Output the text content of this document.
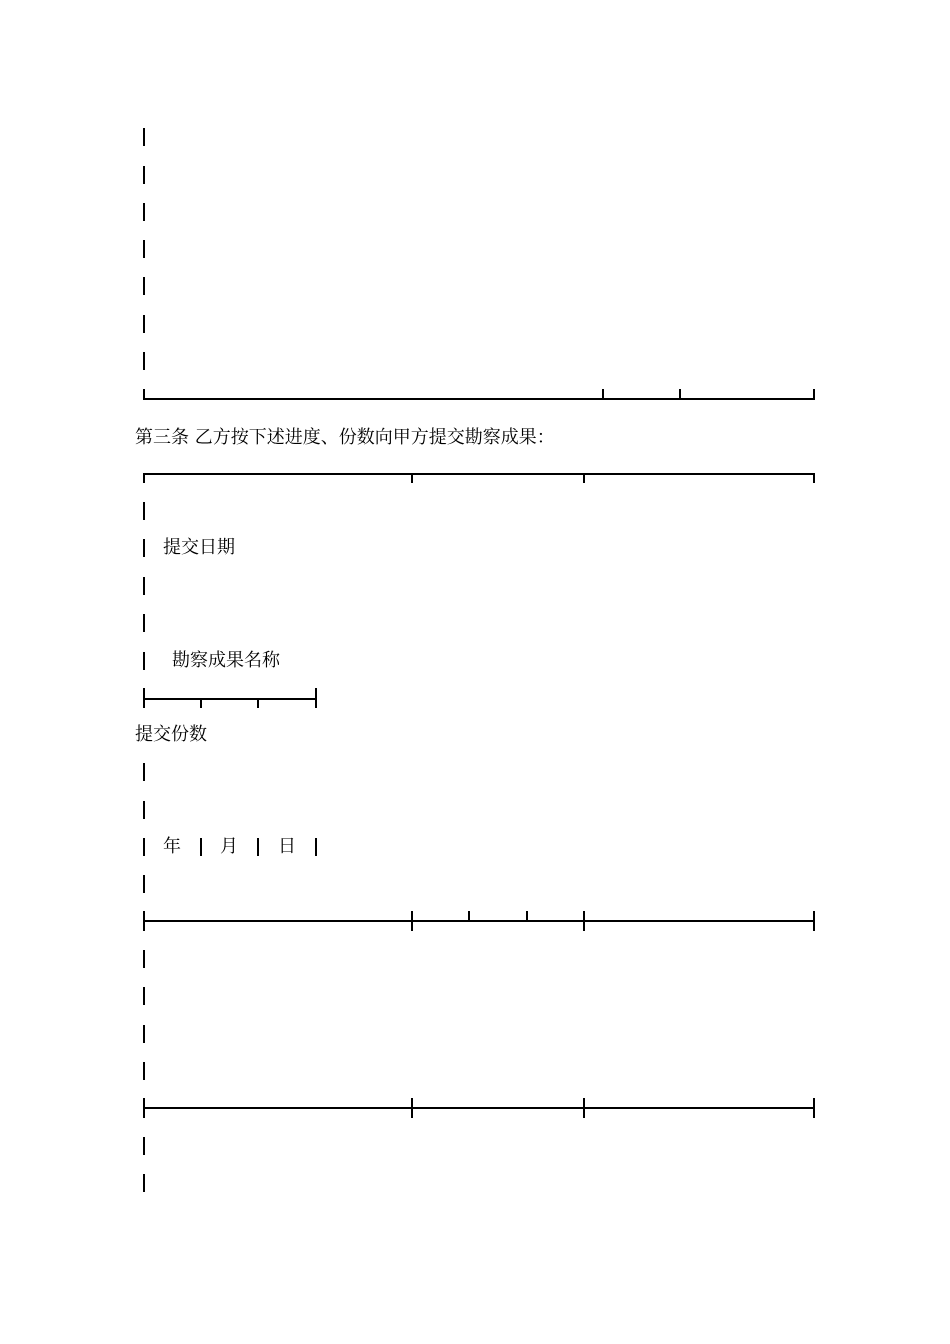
第三条 乙方按下述进度、份数向甲方提交勘察成果：
提交日期
勘察成果名称
提交份数
年 月 日
